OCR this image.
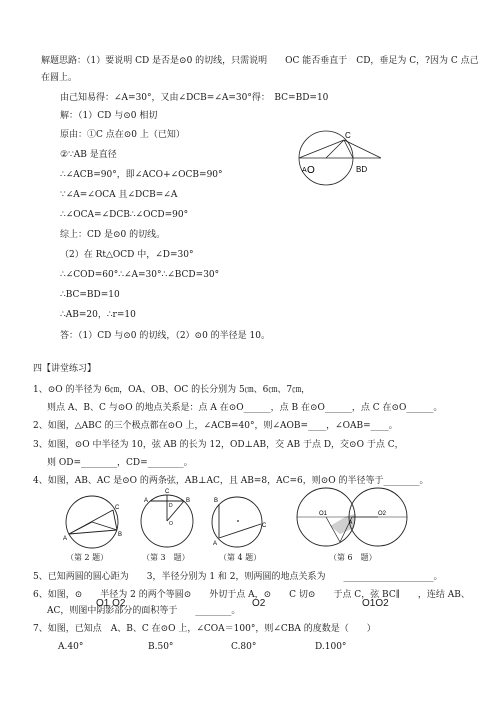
解题思路：（1）要说明 CD 是否是⊙0 的切线，只需说明　　OC 能否垂直于　CD，垂足为 C，?因为 C 点己
在圆上。
由己知易得：∠A=30°，又由∠DCB=∠A=30°得：　BC=BD=10
解：（1）CD 与⊙0 相切
原由：①C 点在⊙0 上（已知）
②∵AB 是直径
∴∠ACB=90°，即∠ACO+∠OCB=90°
∵∠A=∠OCA 且∠DCB=∠A
∴∠OCA=∠DCB∴∠OCD=90°
综上：CD 是⊙0 的切线。
（2）在 Rt△OCD 中，∠D=30°
∴∠COD=60°∴∠A=30°∴∠BCD=30°
∴BC=BD=10
∴AB=20，∴r=10
答：（1）CD 与⊙0 的切线，（2）⊙0 的半径是 10。
C
A O	BD
四【讲堂练习】
1、⊙O 的半径为 6㎝，OA、OB、OC 的长分别为 5㎝、6㎝、7㎝，
则点 A、B、C 与⊙O 的地点关系是：点 A 在⊙O______，点 B 在⊙O______，点 C 在⊙O______。
2、如图，△ABC 的三个极点都在⊙O 上，∠ACB=40°，则∠AOB=____，∠OAB=____。
3、如图，⊙O 中半径为 10，弦 AB 的长为 12，OD⊥AB，交 AB 于点 D，交⊙O 于点 C，
则 OD=________，CD=________。
4、如图，AB、AC 是⊙O 的两条弦，AB⊥AC，且 AB=8，AC=6，则⊙O 的半径等于________。
C
A
B
（第 2 题）
C
A	B
D
O
（第 3　题）
B
A
C
（第 4 题）
O1	O2
A
（第 6　题）
5、已知两圆的圆心距为　　3，半径分别为 1 和 2，则两圆的地点关系为　　____________________。
6、如图，⊙　　半径为 2 的两个等圆⊙　　外切于点 A，⊙　　C 切⊙　　于点 C，弦 BC∥　　，连结 AB、
O1 O2	O2	O1O2
AC，则图中阴影部分的面积等于　　________。
7、如图，已知点　A、B、C 在⊙O 上，∠COA＝100°，则∠CBA 的度数是（　　）
A.40°	B.50°	C.80°	D.100°
